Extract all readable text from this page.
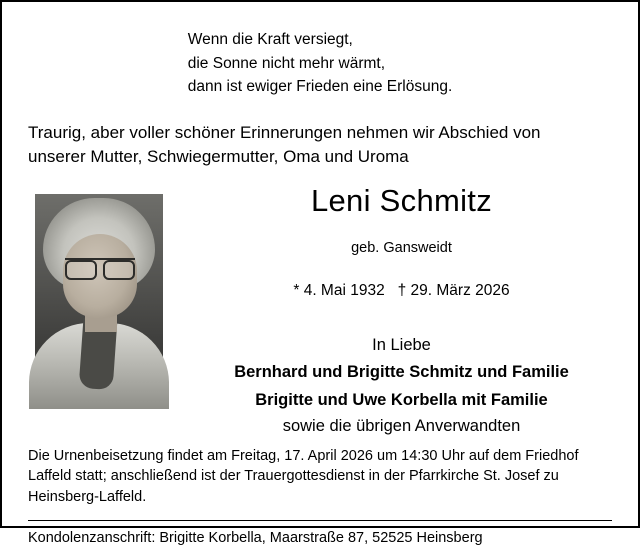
Wenn die Kraft versiegt,
die Sonne nicht mehr wärmt,
dann ist ewiger Frieden eine Erlösung.
Traurig, aber voller schöner Erinnerungen nehmen wir Abschied von
unserer Mutter, Schwiegermutter, Oma und Uroma
Leni Schmitz
geb. Gansweidt
* 4. Mai 1932   † 29. März 2026
In Liebe
Bernhard und Brigitte Schmitz und Familie
Brigitte und Uwe Korbella mit Familie
sowie die übrigen Anverwandten
Die Urnenbeisetzung findet am Freitag, 17. April 2026 um 14:30 Uhr auf dem Friedhof
Laffeld statt; anschließend ist der Trauergottesdienst in der Pfarrkirche St. Josef zu
Heinsberg-Laffeld.
Kondolenzanschrift: Brigitte Korbella, Maarstraße 87, 52525 Heinsberg
